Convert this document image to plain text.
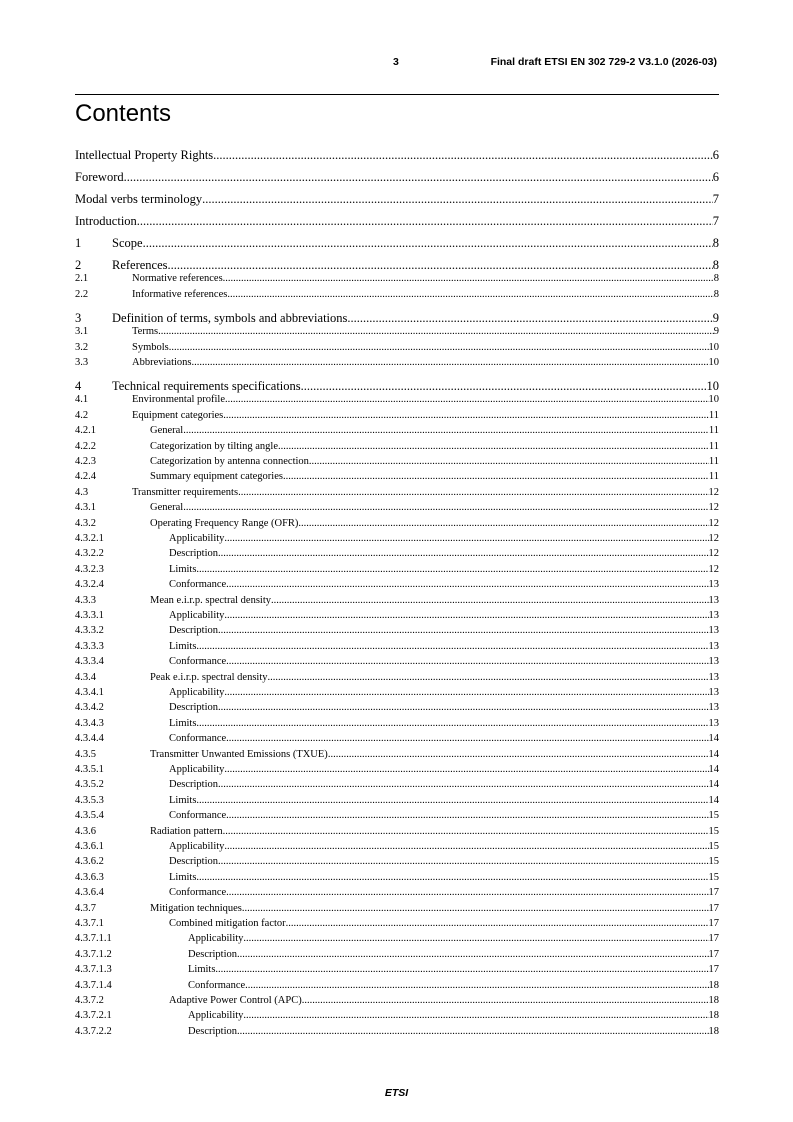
3	Final draft ETSI EN 302 729-2 V3.1.0 (2026-03)
Contents
Intellectual Property Rights .....	6
Foreword .....	6
Modal verbs terminology .....	7
Introduction .....	7
1	Scope .....	8
2	References .....	8
2.1	Normative references .....	8
2.2	Informative references .....	8
3	Definition of terms, symbols and abbreviations .....	9
3.1	Terms .....	9
3.2	Symbols .....	10
3.3	Abbreviations .....	10
4	Technical requirements specifications .....	10
4.1	Environmental profile .....	10
4.2	Equipment categories .....	11
4.2.1	General .....	11
4.2.2	Categorization by tilting angle .....	11
4.2.3	Categorization by antenna connection .....	11
4.2.4	Summary equipment categories .....	11
4.3	Transmitter requirements .....	12
4.3.1	General .....	12
4.3.2	Operating Frequency Range (OFR) .....	12
4.3.2.1	Applicability .....	12
4.3.2.2	Description .....	12
4.3.2.3	Limits .....	12
4.3.2.4	Conformance .....	13
4.3.3	Mean e.i.r.p. spectral density .....	13
4.3.3.1	Applicability .....	13
4.3.3.2	Description .....	13
4.3.3.3	Limits .....	13
4.3.3.4	Conformance .....	13
4.3.4	Peak e.i.r.p. spectral density .....	13
4.3.4.1	Applicability .....	13
4.3.4.2	Description .....	13
4.3.4.3	Limits .....	13
4.3.4.4	Conformance .....	14
4.3.5	Transmitter Unwanted Emissions (TXUE) .....	14
4.3.5.1	Applicability .....	14
4.3.5.2	Description .....	14
4.3.5.3	Limits .....	14
4.3.5.4	Conformance .....	15
4.3.6	Radiation pattern .....	15
4.3.6.1	Applicability .....	15
4.3.6.2	Description .....	15
4.3.6.3	Limits .....	15
4.3.6.4	Conformance .....	17
4.3.7	Mitigation techniques .....	17
4.3.7.1	Combined mitigation factor .....	17
4.3.7.1.1	Applicability .....	17
4.3.7.1.2	Description .....	17
4.3.7.1.3	Limits .....	17
4.3.7.1.4	Conformance .....	18
4.3.7.2	Adaptive Power Control (APC) .....	18
4.3.7.2.1	Applicability .....	18
4.3.7.2.2	Description .....	18
ETSI
